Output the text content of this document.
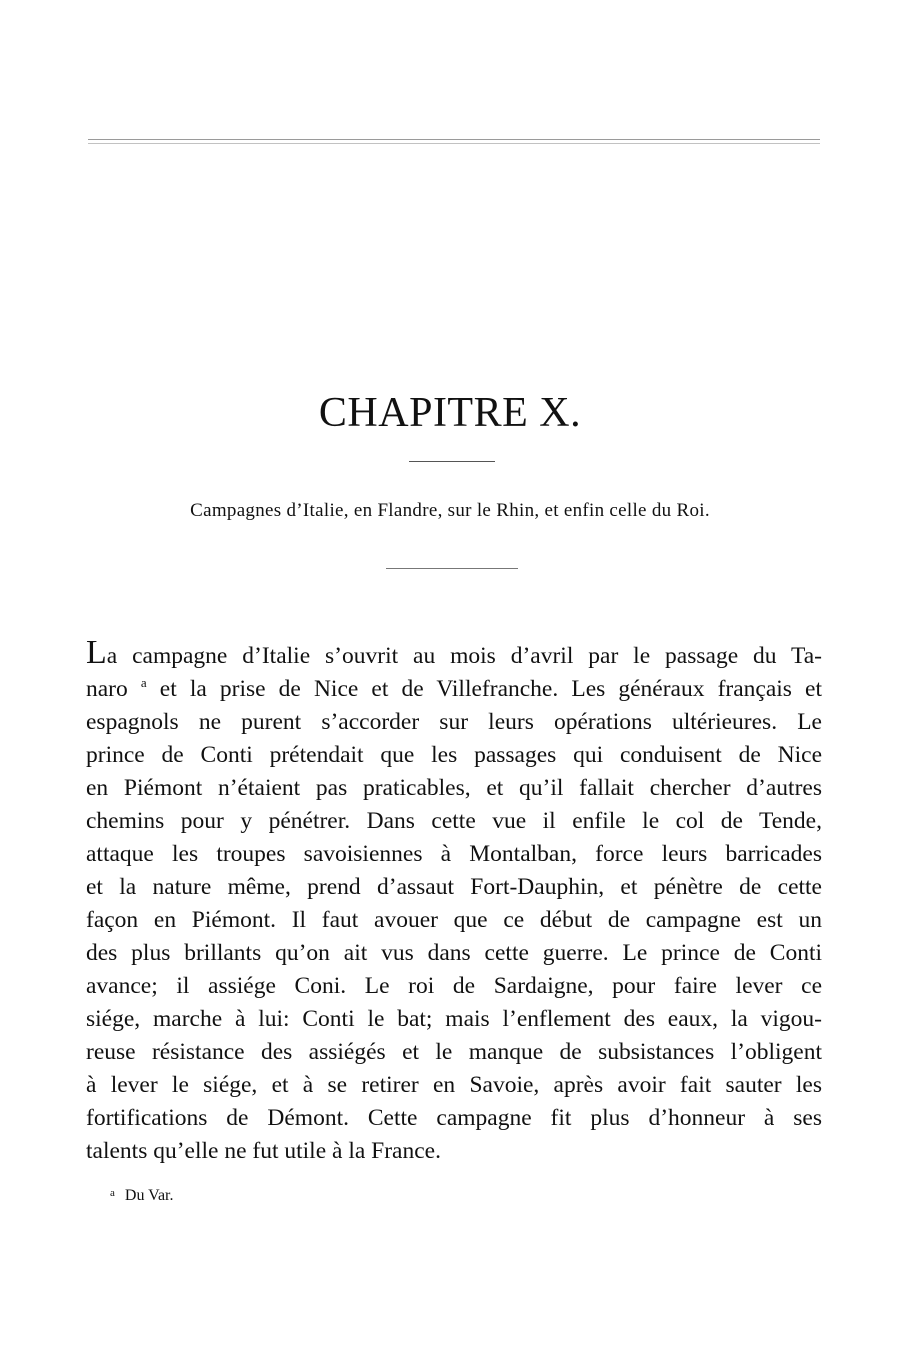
CHAPITRE X.
Campagnes d’Italie, en Flandre, sur le Rhin, et enfin celle du Roi.
La campagne d’Italie s’ouvrit au mois d’avril par le passage du Ta-
naro $^a$ et la prise de Nice et de Villefranche. Les généraux français et
espagnols ne purent s’accorder sur leurs opérations ultérieures. Le
prince de Conti prétendait que les passages qui conduisent de Nice
en Piémont n’étaient pas praticables, et qu’il fallait chercher d’autres
chemins pour y pénétrer. Dans cette vue il enfile le col de Tende,
attaque les troupes savoisiennes à Montalban, force leurs barricades
et la nature même, prend d’assaut Fort-Dauphin, et pénètre de cette
façon en Piémont. Il faut avouer que ce début de campagne est un
des plus brillants qu’on ait vus dans cette guerre. Le prince de Conti
avance; il assiége Coni. Le roi de Sardaigne, pour faire lever ce
siége, marche à lui: Conti le bat; mais l’enflement des eaux, la vigou-
reuse résistance des assiégés et le manque de subsistances l’obligent
à lever le siége, et à se retirer en Savoie, après avoir fait sauter les
fortifications de Démont. Cette campagne fit plus d’honneur à ses
talents qu’elle ne fut utile à la France.
$^a$ Du Var.
